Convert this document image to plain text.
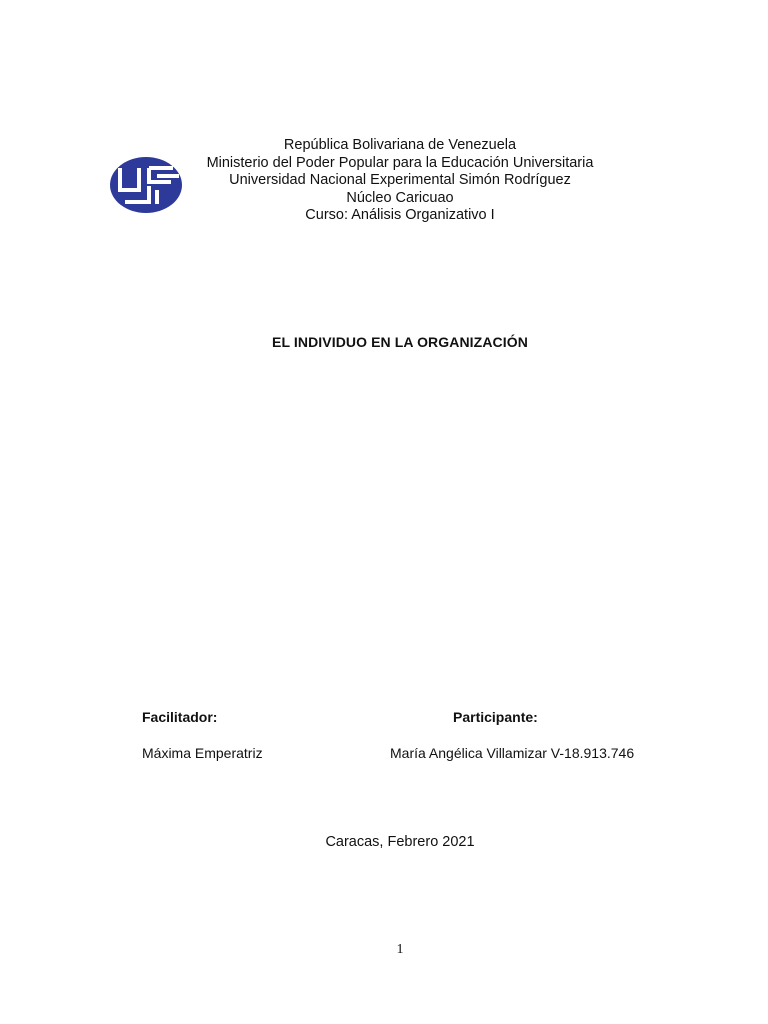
República Bolivariana de Venezuela
Ministerio del Poder Popular para la Educación Universitaria
Universidad Nacional Experimental Simón Rodríguez
Núcleo Caricuao
Curso: Análisis Organizativo I
EL INDIVIDUO EN LA ORGANIZACIÓN
Facilitador:	Participante:
Máxima Emperatriz	María Angélica Villamizar V-18.913.746
Caracas, Febrero 2021
1
